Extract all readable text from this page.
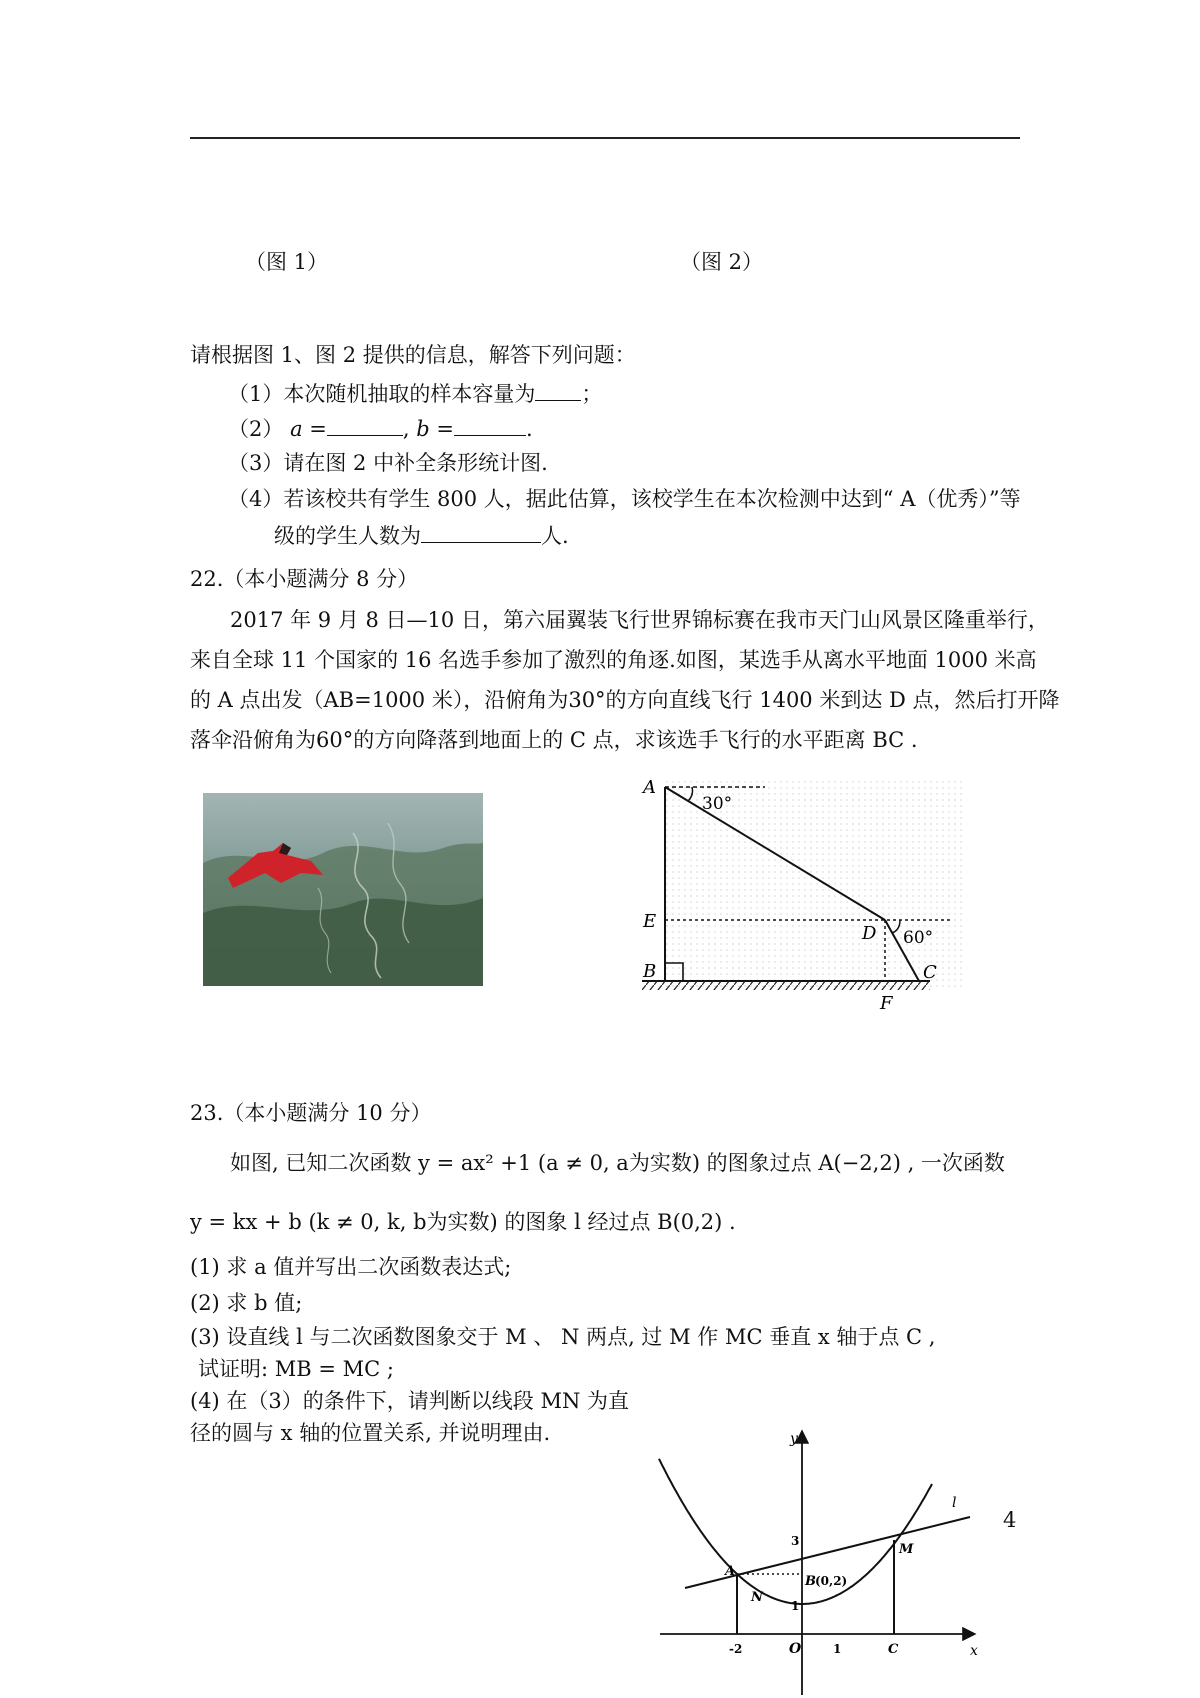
（图 1）	（图 2）
请根据图 1、图 2 提供的信息，解答下列问题：
（1）本次随机抽取的样本容量为 ；
（2） a =	, b =	.
（3）请在图 2 中补全条形统计图.
（4）若该校共有学生 800 人，据此估算，该校学生在本次检测中达到“ A（优秀）”等
级的学生人数为	人.
22.（本小题满分 8 分）
2017 年 9 月 8 日—10 日，第六届翼装飞行世界锦标赛在我市天门山风景区隆重举行，
来自全球 11 个国家的 16 名选手参加了激烈的角逐.如图，某选手从离水平地面 1000 米高
的 A 点出发（AB=1000 米），沿俯角为30°的方向直线飞行 1400 米到达 D 点，然后打开降
落伞沿俯角为60°的方向降落到地面上的 C 点，求该选手飞行的水平距离 BC .
A
30°
E
D 60°
B	C
F
23.（本小题满分 10 分）
如图, 已知二次函数 y = ax² +1 (a ≠ 0, a为实数) 的图象过点 A(−2,2) , 一次函数
y = kx + b (k ≠ 0, k, b为实数) 的图象 l 经过点 B(0,2) .
(1) 求 a 值并写出二次函数表达式;
(2) 求 b 值;
(3) 设直线 l 与二次函数图象交于 M 、 N 两点, 过 M 作 MC 垂直 x 轴于点 C ,
试证明: MB = MC ;
(4) 在（3）的条件下，请判断以线段 MN 为直
径的圆与 x 轴的位置关系, 并说明理由.
4
y
x
O
-2	1	C
1
3
A
B (0,2)
M
N
l
